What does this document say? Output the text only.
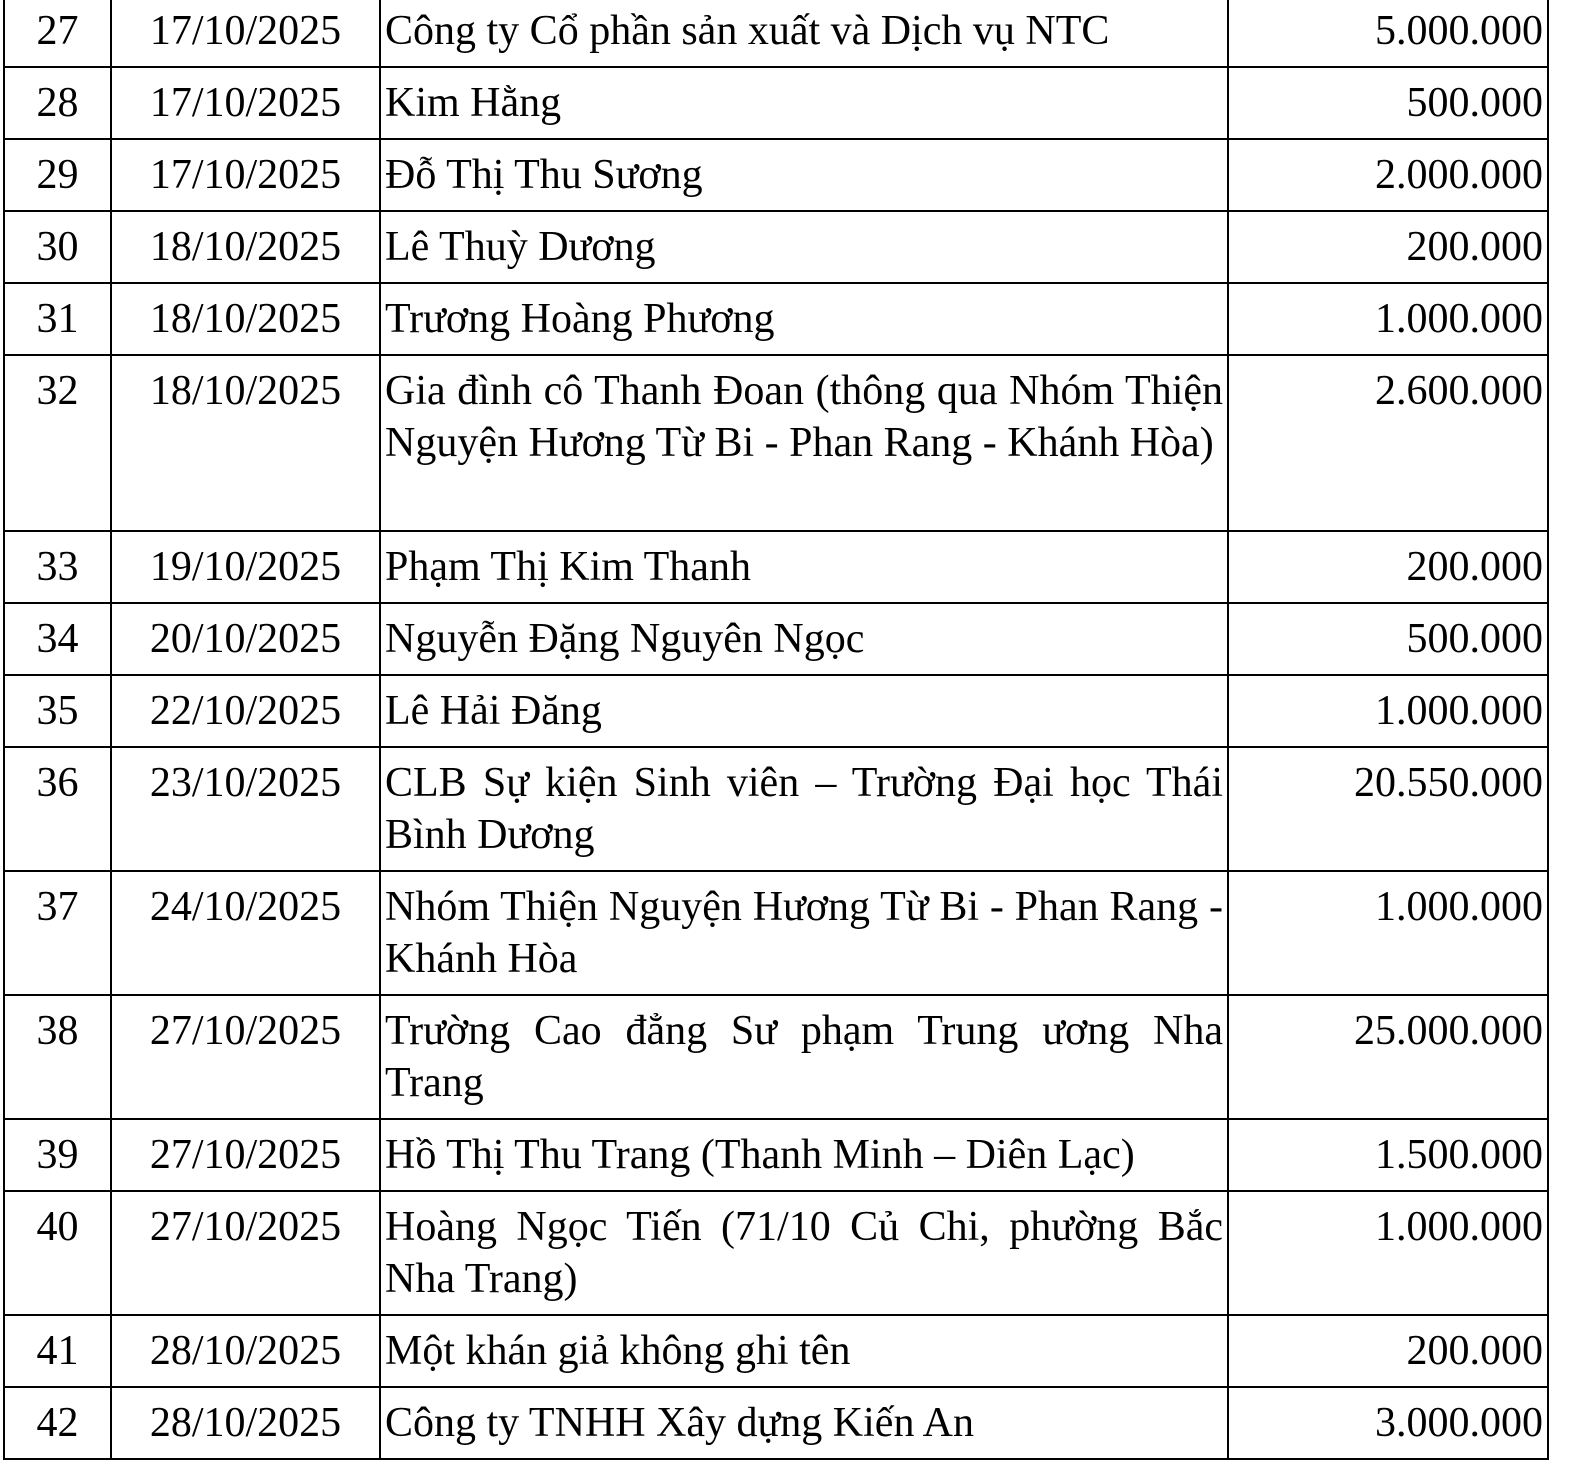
27	17/10/2025	Công ty Cổ phần sản xuất và Dịch vụ NTC	5.000.000
28	17/10/2025	Kim Hằng	500.000
29	17/10/2025	Đỗ Thị Thu Sương	2.000.000
30	18/10/2025	Lê Thuỳ Dương	200.000
31	18/10/2025	Trương Hoàng Phương	1.000.000
32	18/10/2025	Gia đình cô Thanh Đoan (thông qua Nhóm Thiện Nguyện Hương Từ Bi - Phan Rang - Khánh Hòa)	2.600.000
33	19/10/2025	Phạm Thị Kim Thanh	200.000
34	20/10/2025	Nguyễn Đặng Nguyên Ngọc	500.000
35	22/10/2025	Lê Hải Đăng	1.000.000
36	23/10/2025	CLB Sự kiện Sinh viên – Trường Đại học Thái Bình Dương	20.550.000
37	24/10/2025	Nhóm Thiện Nguyện Hương Từ Bi - Phan Rang - Khánh Hòa	1.000.000
38	27/10/2025	Trường Cao đẳng Sư phạm Trung ương Nha Trang	25.000.000
39	27/10/2025	Hồ Thị Thu Trang (Thanh Minh – Diên Lạc)	1.500.000
40	27/10/2025	Hoàng Ngọc Tiến (71/10 Củ Chi, phường Bắc Nha Trang)	1.000.000
41	28/10/2025	Một khán giả không ghi tên	200.000
42	28/10/2025	Công ty TNHH Xây dựng Kiến An	3.000.000
